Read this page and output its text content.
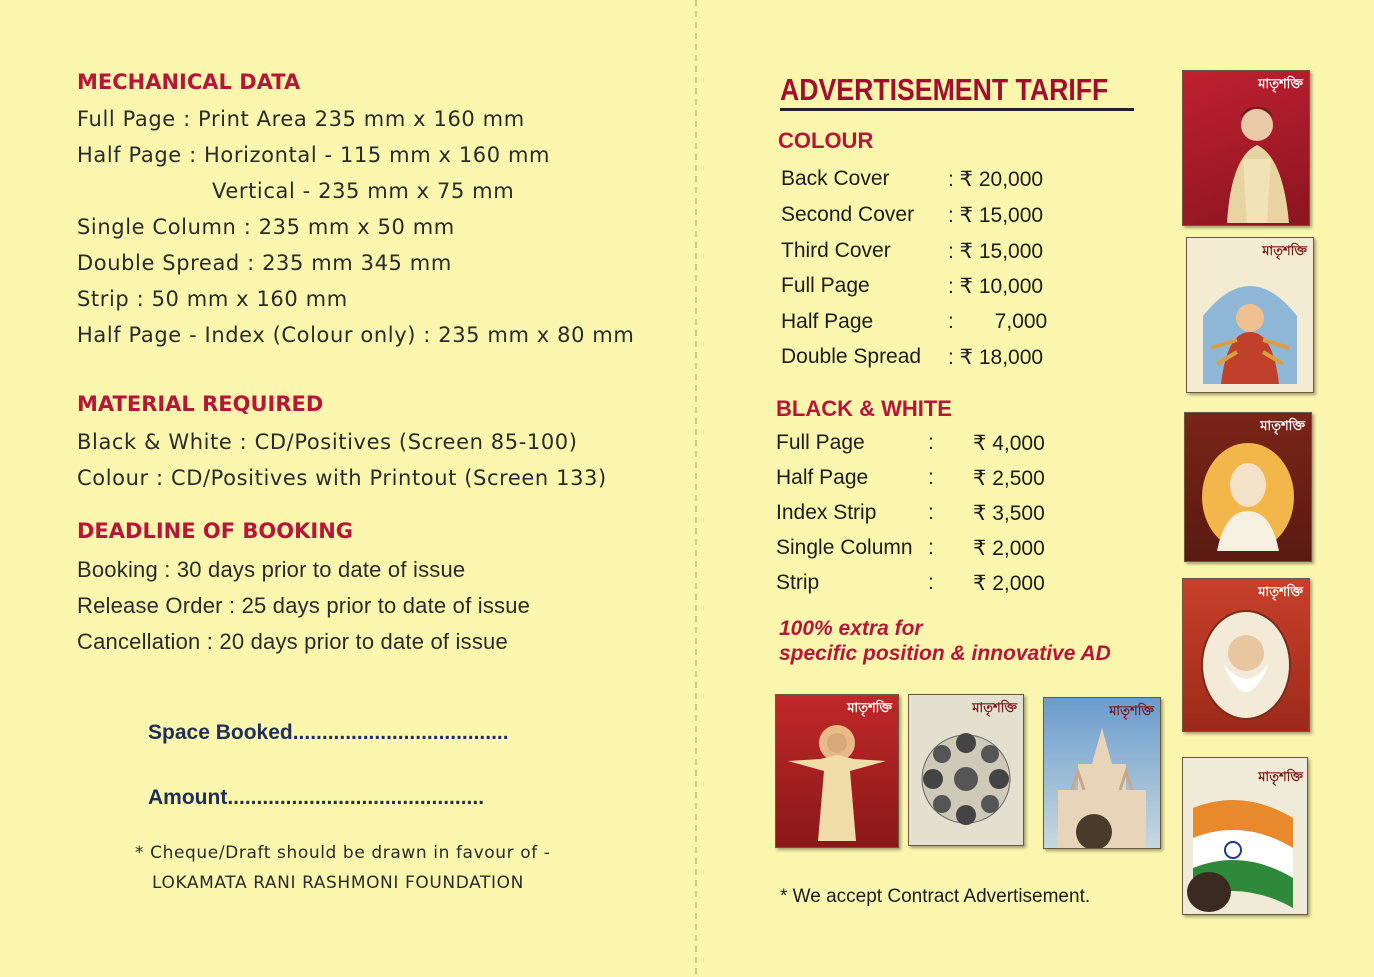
MECHANICAL DATA
Full Page : Print Area 235 mm x 160 mm
Half Page : Horizontal - 115 mm x 160 mm
Vertical - 235 mm x 75 mm
Single Column : 235 mm x 50 mm
Double Spread : 235 mm 345 mm
Strip : 50 mm x 160 mm
Half Page - Index (Colour only) : 235 mm x 80 mm
MATERIAL REQUIRED
Black & White : CD/Positives (Screen 85-100)
Colour : CD/Positives with Printout (Screen 133)
DEADLINE OF BOOKING
Booking : 30 days prior to date of issue
Release Order : 25 days prior to date of issue
Cancellation : 20 days prior to date of issue
Space Booked.....................................
Amount............................................
* Cheque/Draft should be drawn in favour of -
LOKAMATA RANI RASHMONI FOUNDATION
ADVERTISEMENT TARIFF
COLOUR
Back Cover	: ₹ 20,000
Second Cover : ₹ 15,000
Third Cover	: ₹ 15,000
Full Page	: ₹ 10,000
Half Page	:       7,000
Double Spread : ₹ 18,000
BLACK & WHITE
Full Page	: ₹ 4,000
Half Page	: ₹ 2,500
Index Strip : ₹ 3,500
Single Column : ₹ 2,000
Strip	: ₹ 2,000
100% extra for
specific position & innovative AD
* We accept Contract Advertisement.
মাতৃশক্তি
মাতৃশক্তি
মাতৃশক্তি
মাতৃশক্তি
মাতৃশক্তি
মাতৃশক্তি	মাতৃশক্তি	মাতৃশক্তি
